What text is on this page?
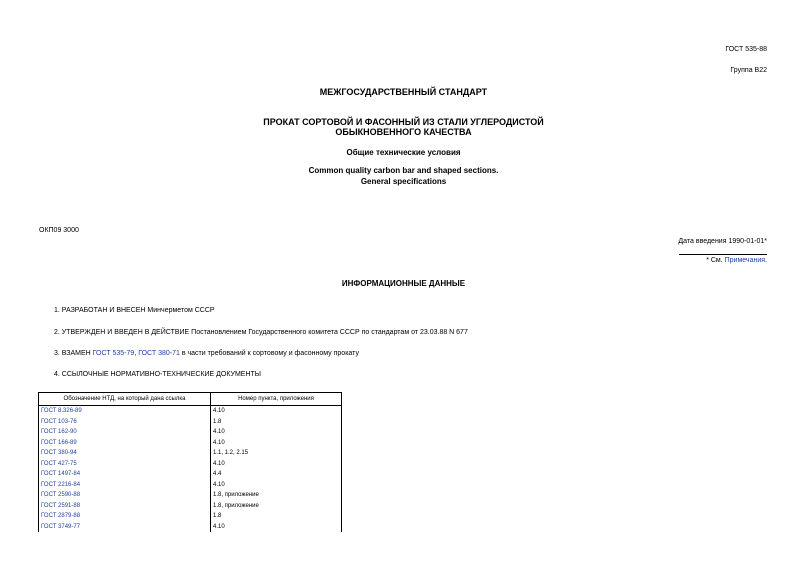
ГОСТ 535-88
Группа В22
МЕЖГОСУДАРСТВЕННЫЙ СТАНДАРТ
ПРОКАТ СОРТОВОЙ И ФАСОННЫЙ ИЗ СТАЛИ УГЛЕРОДИСТОЙ
ОБЫКНОВЕННОГО КАЧЕСТВА
Общие технические условия
Common quality carbon bar and shaped sections.
General specifications
ОКП09 3000
Дата введения 1990-01-01*
* См. Примечания.
ИНФОРМАЦИОННЫЕ ДАННЫЕ
1. РАЗРАБОТАН И ВНЕСЕН Минчерметом СССР
2. УТВЕРЖДЕН И ВВЕДЕН В ДЕЙСТВИЕ Постановлением Государственного комитета СССР по стандартам от 23.03.88 N 677
3. ВЗАМЕН ГОСТ 535-79, ГОСТ 380-71 в части требований к сортовому и фасонному прокату
4. ССЫЛОЧНЫЕ НОРМАТИВНО-ТЕХНИЧЕСКИЕ ДОКУМЕНТЫ
Обозначение НТД, на который дана ссылка	Номер пункта, приложения
ГОСТ 8.326-89	4.10
ГОСТ 103-76	1.8
ГОСТ 162-90	4.10
ГОСТ 166-89	4.10
ГОСТ 380-94	1.1, 1.2, 2.15
ГОСТ 427-75	4.10
ГОСТ 1497-84	4.4
ГОСТ 2216-84	4.10
ГОСТ 2590-88	1.8, приложение
ГОСТ 2591-88	1.8, приложение
ГОСТ 2879-88	1.8
ГОСТ 3749-77	4.10
